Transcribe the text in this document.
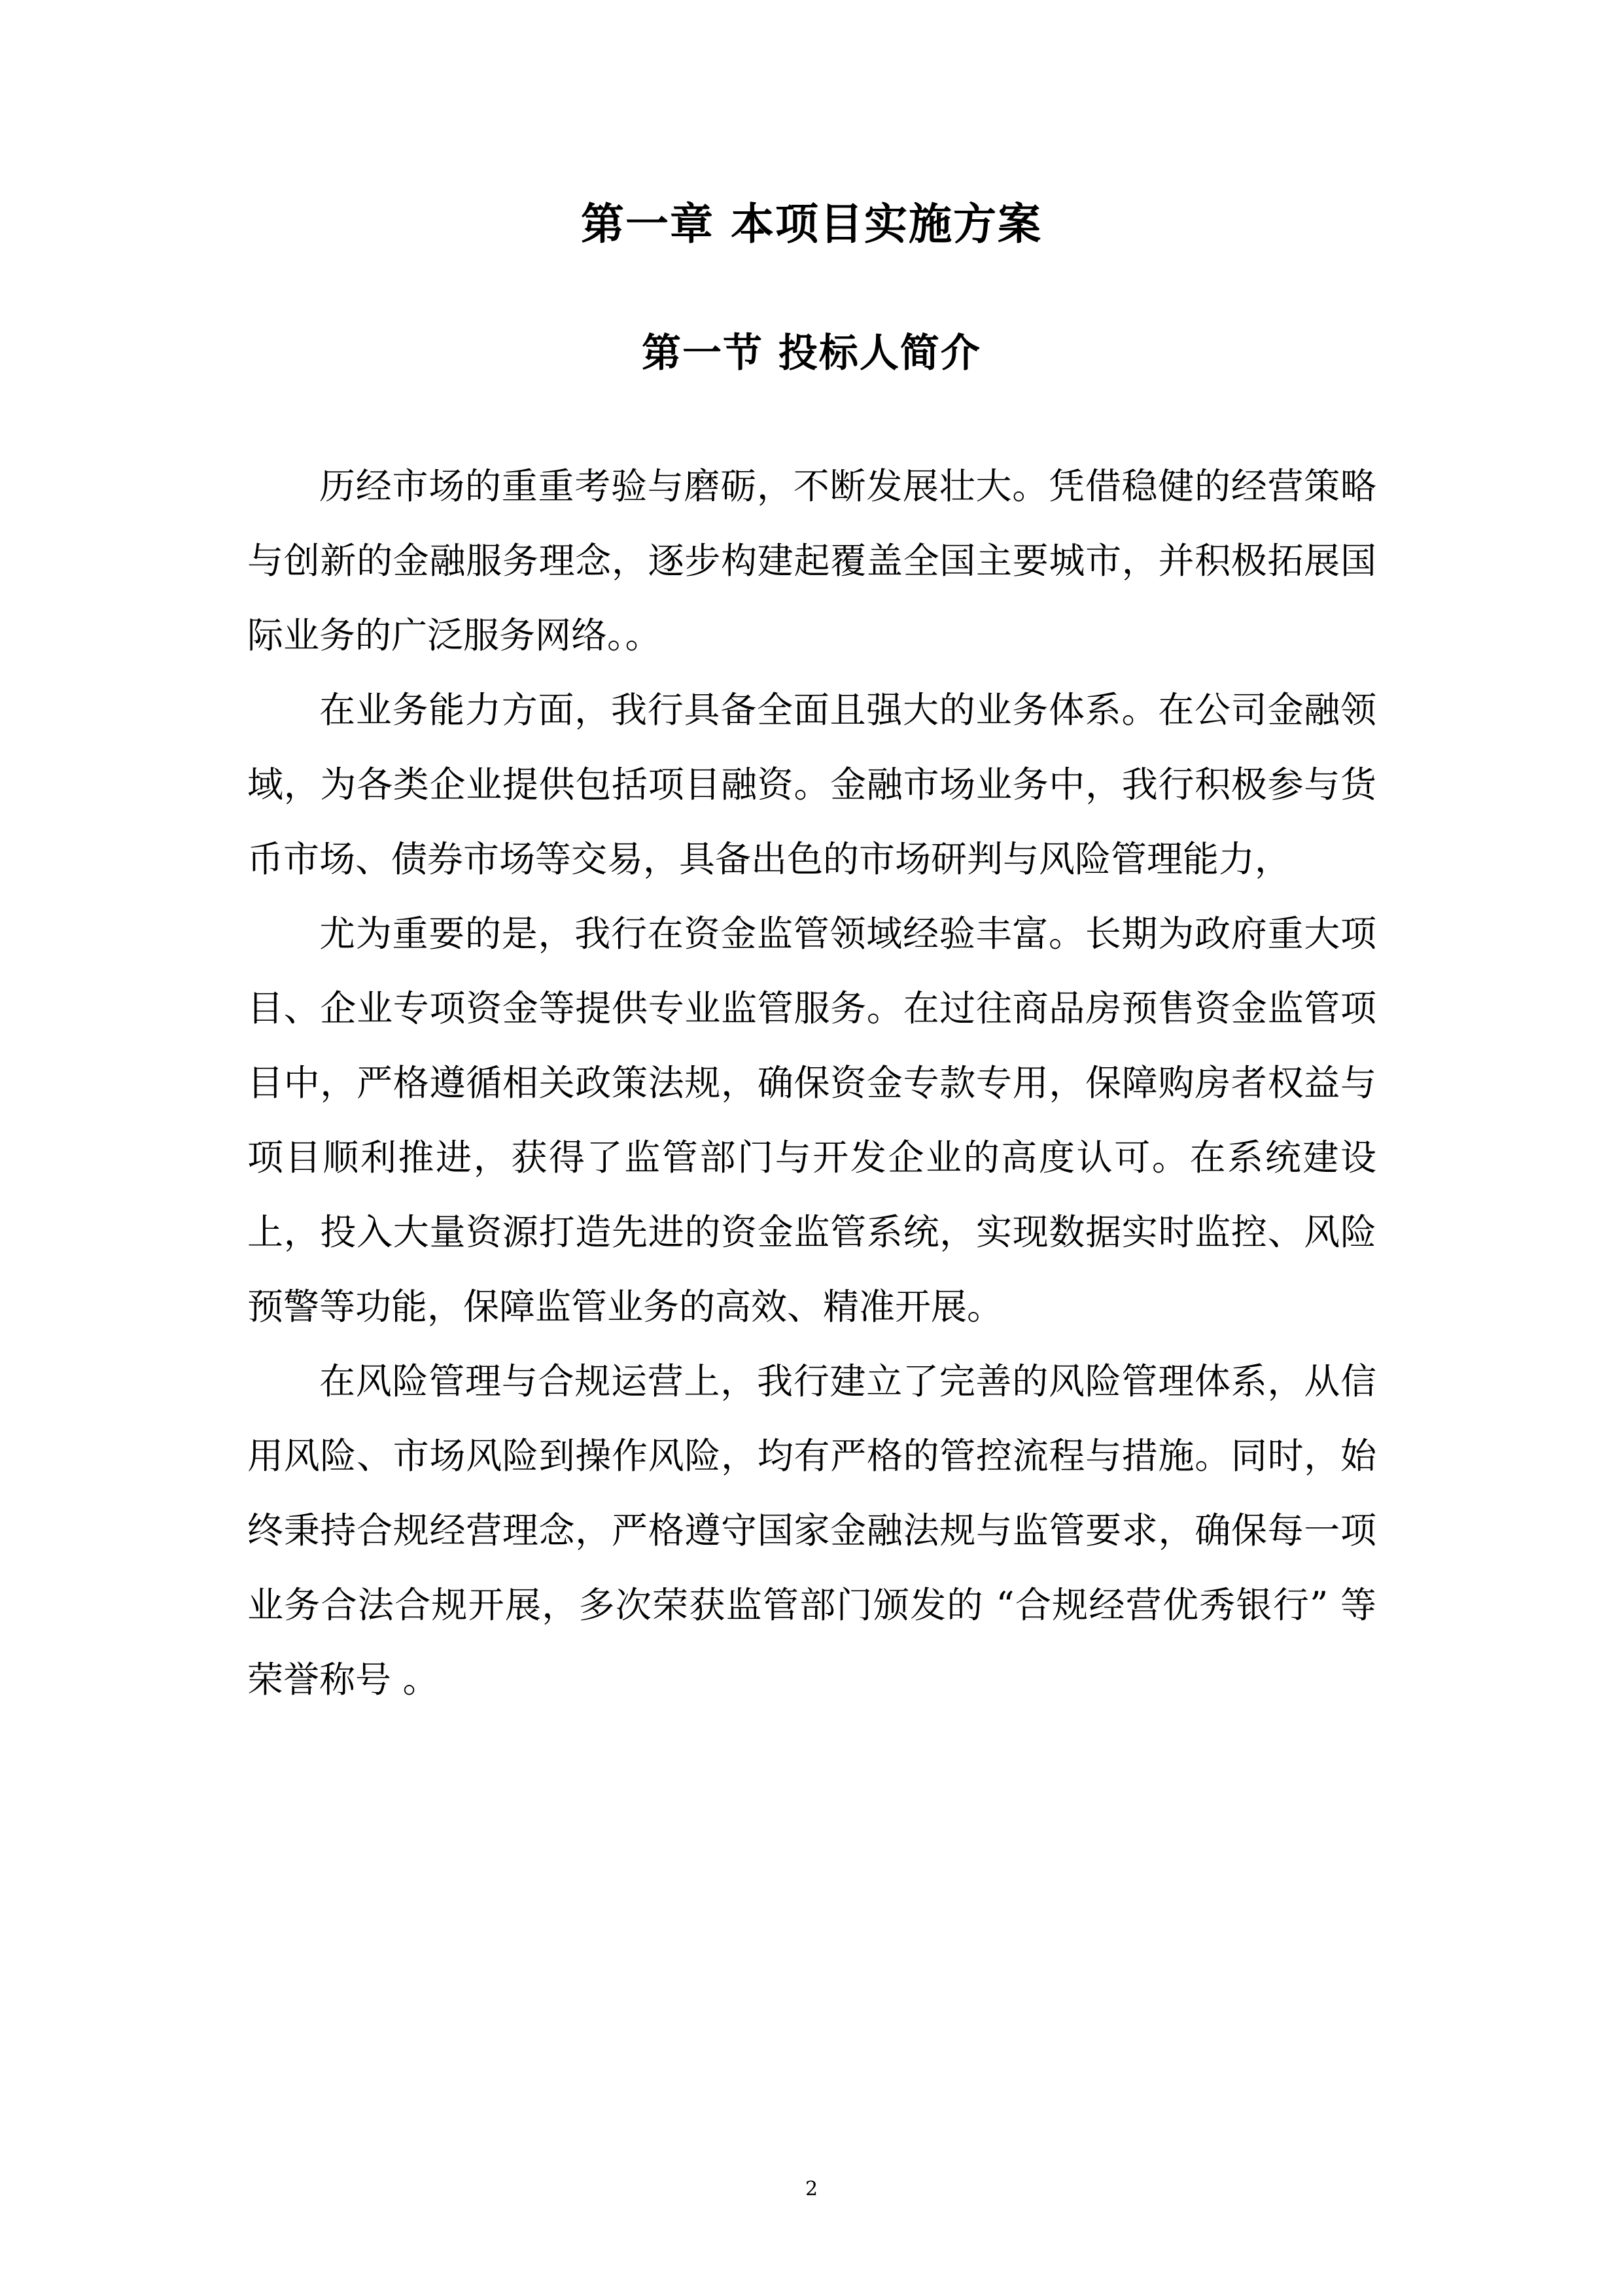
第一章 本项目实施方案
第一节 投标人简介

历经市场的重重考验与磨砺，不断发展壮大。凭借稳健的经营策略与创新的金融服务理念，逐步构建起覆盖全国主要城市，并积极拓展国际业务的广泛服务网络。。

在业务能力方面，我行具备全面且强大的业务体系。在公司金融领域，为各类企业提供包括项目融资。金融市场业务中，我行积极参与货币市场、债券市场等交易，具备出色的市场研判与风险管理能力，

尤为重要的是，我行在资金监管领域经验丰富。长期为政府重大项目、企业专项资金等提供专业监管服务。在过往商品房预售资金监管项目中，严格遵循相关政策法规，确保资金专款专用，保障购房者权益与项目顺利推进，获得了监管部门与开发企业的高度认可。在系统建设上，投入大量资源打造先进的资金监管系统，实现数据实时监控、风险预警等功能，保障监管业务的高效、精准开展。

在风险管理与合规运营上，我行建立了完善的风险管理体系，从信用风险、市场风险到操作风险，均有严格的管控流程与措施。同时，始终秉持合规经营理念，严格遵守国家金融法规与监管要求，确保每一项业务合法合规开展，多次荣获监管部门颁发的 “合规经营优秀银行” 等荣誉称号 。

2
